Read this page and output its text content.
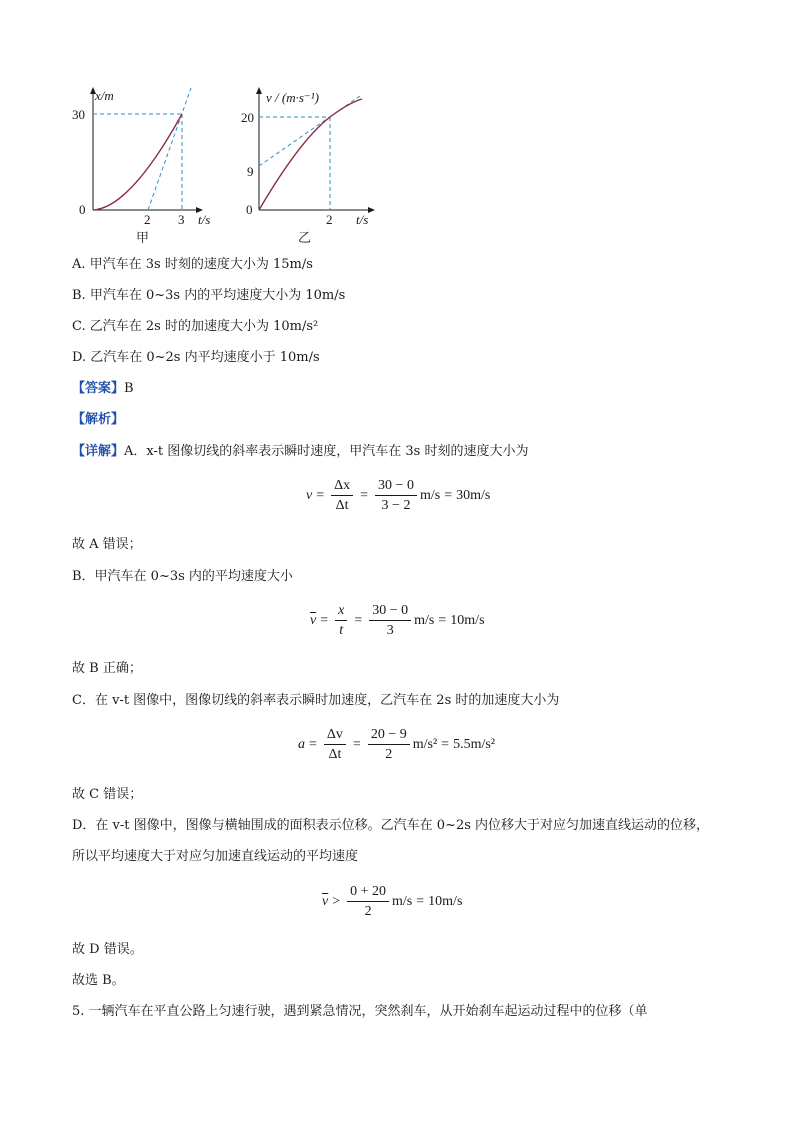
30
0
2 3
x/m
t/s
甲
20
9
0
2
v / (m·s⁻¹)
t/s
乙
A. 甲汽车在 3s 时刻的速度大小为 15m/s
B. 甲汽车在 0~3s 内的平均速度大小为 10m/s
C. 乙汽车在 2s 时的加速度大小为 10m/s²
D. 乙汽车在 0~2s 内平均速度小于 10m/s
【答案】B
【解析】
【详解】A．x-t 图像切线的斜率表示瞬时速度，甲汽车在 3s 时刻的速度大小为
$v = \frac{\Delta x}{\Delta t} = \frac{30 - 0}{3 - 2} m/s = 30m/s$
故 A 错误；
B．甲汽车在 0~3s 内的平均速度大小
$\overline{v} = \frac{x}{t} = \frac{30 - 0}{3} m/s = 10m/s$
故 B 正确；
C．在 v-t 图像中，图像切线的斜率表示瞬时加速度，乙汽车在 2s 时的加速度大小为
$a = \frac{\Delta v}{\Delta t} = \frac{20 - 9}{2} m/s^2 = 5.5m/s^2$
故 C 错误；
D．在 v-t 图像中，图像与横轴围成的面积表示位移。乙汽车在 0~2s 内位移大于对应匀加速直线运动的位移，
所以平均速度大于对应匀加速直线运动的平均速度
$\overline{v} > \frac{0 + 20}{2} m/s = 10m/s$
故 D 错误。
故选 B。
5. 一辆汽车在平直公路上匀速行驶，遇到紧急情况，突然刹车，从开始刹车起运动过程中的位移（单
